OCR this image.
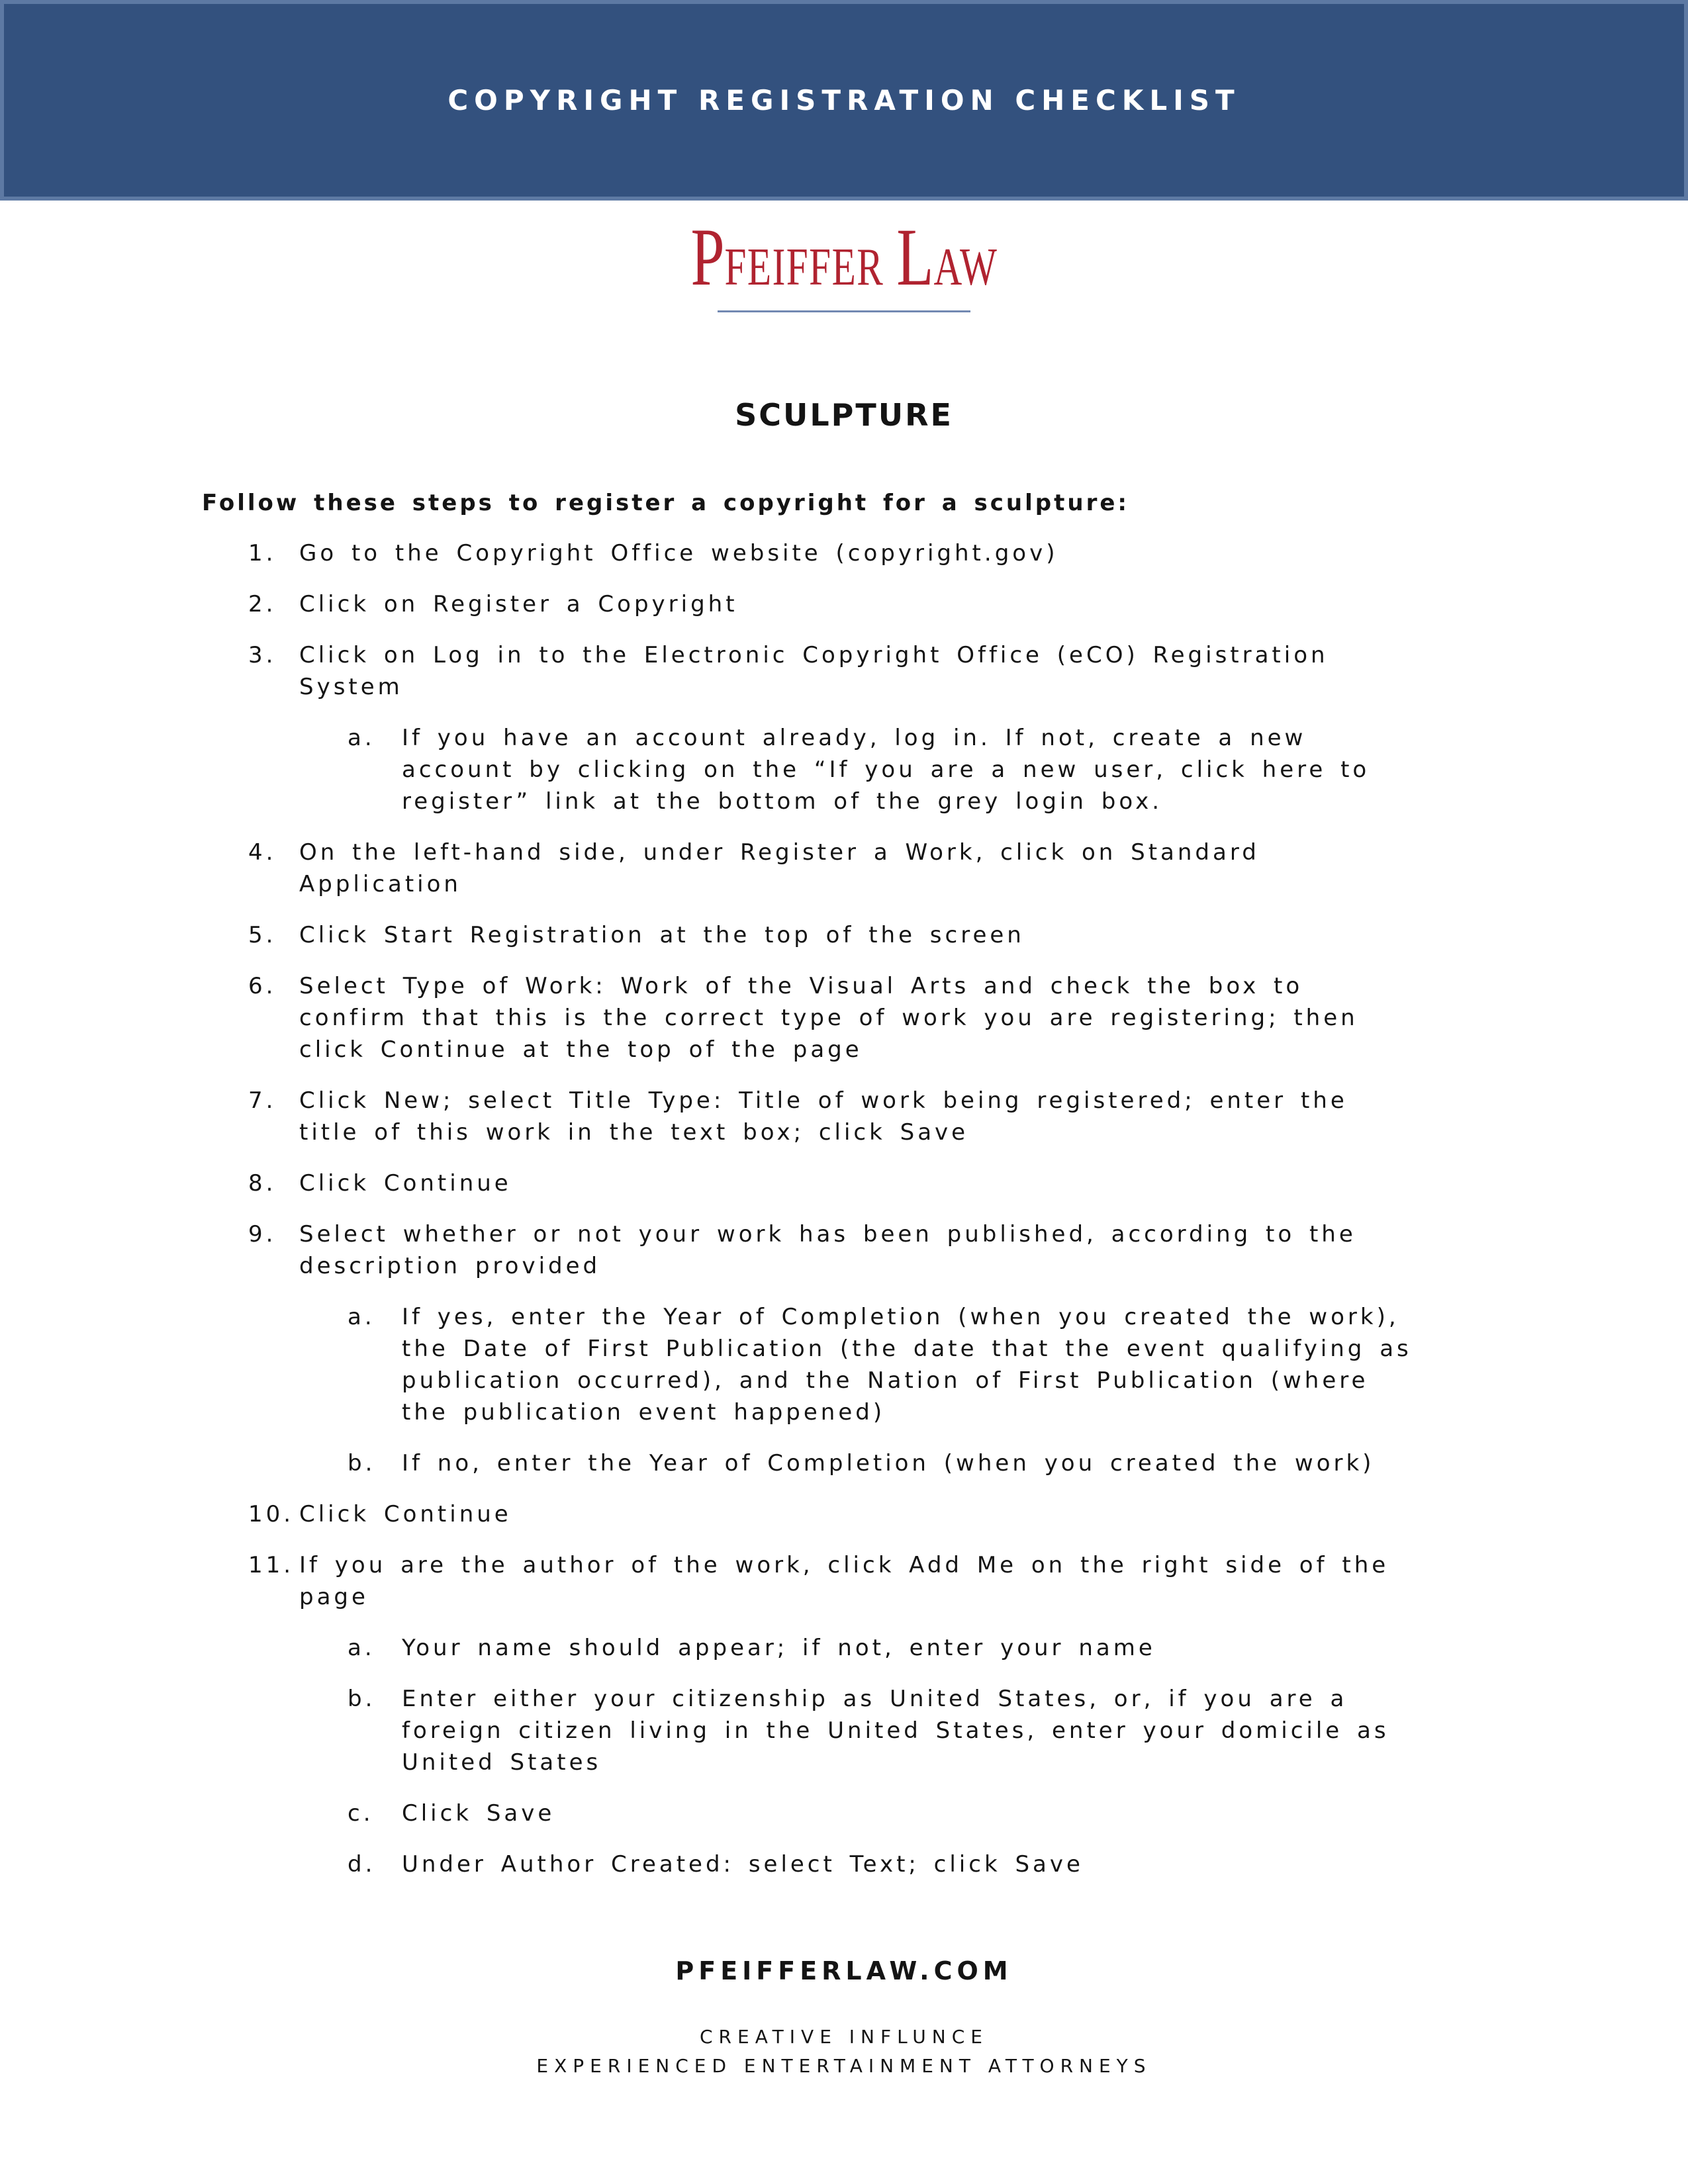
COPYRIGHT REGISTRATION CHECKLIST
PFEIFFER LAW
SCULPTURE

Follow these steps to register a copyright for a sculpture:

1.	Go to the Copyright Office website (copyright.gov)
2.	Click on Register a Copyright
3.	Click on Log in to the Electronic Copyright Office (eCO) Registration System
a.	If you have an account already, log in. If not, create a new account by clicking on the “If you are a new user, click here to register” link at the bottom of the grey login box.
4.	On the left-hand side, under Register a Work, click on Standard Application
5.	Click Start Registration at the top of the screen
6.	Select Type of Work: Work of the Visual Arts and check the box to confirm that this is the correct type of work you are registering; then click Continue at the top of the page
7.	Click New; select Title Type: Title of work being registered; enter the title of this work in the text box; click Save
8.	Click Continue
9.	Select whether or not your work has been published, according to the description provided
a.	If yes, enter the Year of Completion (when you created the work), the Date of First Publication (the date that the event qualifying as publication occurred), and the Nation of First Publication (where the publication event happened)
b.	If no, enter the Year of Completion (when you created the work)
10. Click Continue
11. If you are the author of the work, click Add Me on the right side of the page
a.	Your name should appear; if not, enter your name
b.	Enter either your citizenship as United States, or, if you are a foreign citizen living in the United States, enter your domicile as United States
c.	Click Save
d.	Under Author Created: select Text; click Save
PFEIFFERLAW.COM
CREATIVE INFLUNCE
EXPERIENCED ENTERTAINMENT ATTORNEYS
